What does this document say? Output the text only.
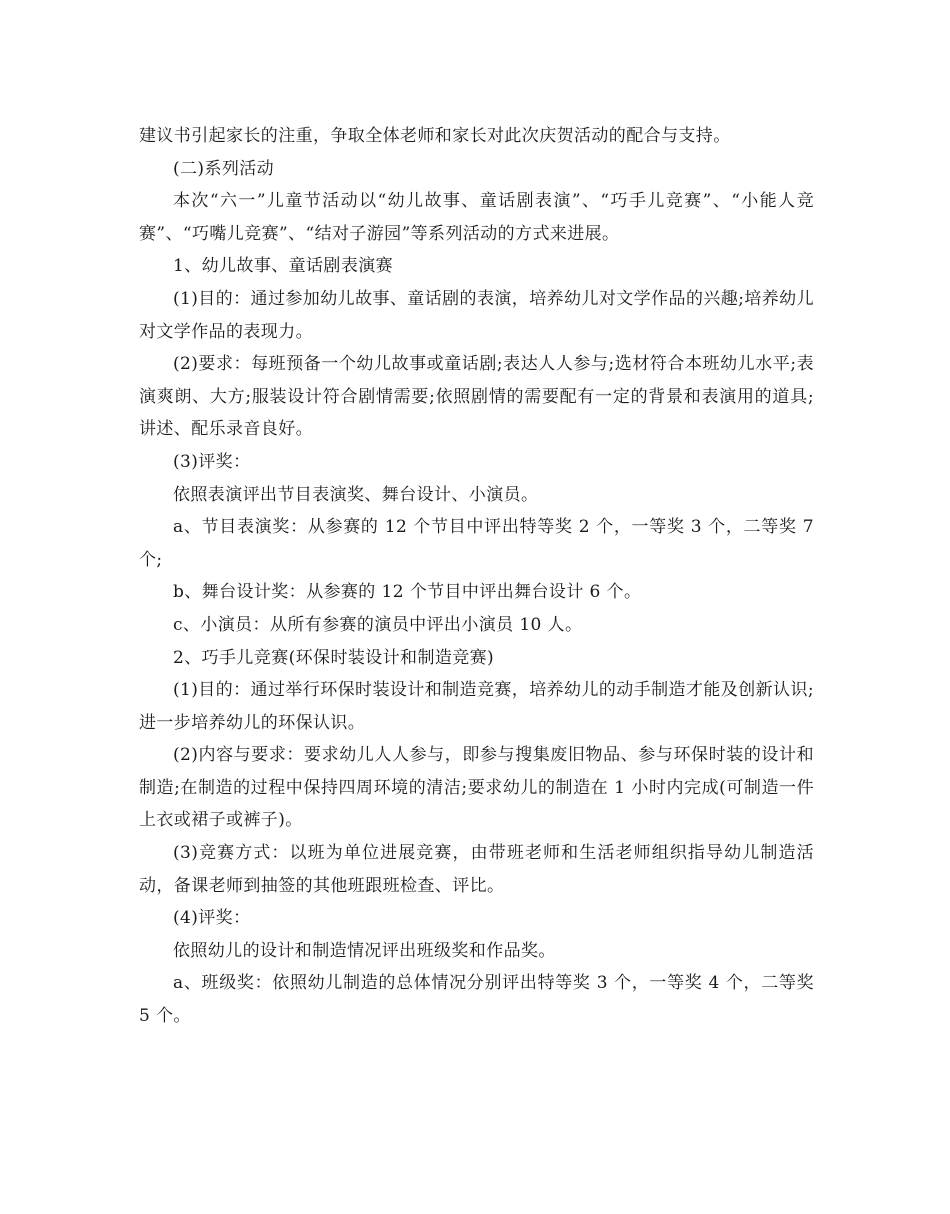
建议书引起家长的注重，争取全体老师和家长对此次庆贺活动的配合与支持。

(二)系列活动

本次“六一”儿童节活动以“幼儿故事、童话剧表演”、“巧手儿竞赛”、“小能人竞赛”、“巧嘴儿竞赛”、“结对子游园”等系列活动的方式来进展。

1、幼儿故事、童话剧表演赛

(1)目的：通过参加幼儿故事、童话剧的表演，培养幼儿对文学作品的兴趣;培养幼儿对文学作品的表现力。

(2)要求：每班预备一个幼儿故事或童话剧;表达人人参与;选材符合本班幼儿水平;表演爽朗、大方;服装设计符合剧情需要;依照剧情的需要配有一定的背景和表演用的道具;讲述、配乐录音良好。

(3)评奖：

依照表演评出节目表演奖、舞台设计、小演员。

a、节目表演奖：从参赛的 12 个节目中评出特等奖 2 个，一等奖 3 个，二等奖 7 个;

b、舞台设计奖：从参赛的 12 个节目中评出舞台设计 6 个。

c、小演员：从所有参赛的演员中评出小演员 10 人。

2、巧手儿竞赛(环保时装设计和制造竞赛)

(1)目的：通过举行环保时装设计和制造竞赛，培养幼儿的动手制造才能及创新认识;进一步培养幼儿的环保认识。

(2)内容与要求：要求幼儿人人参与，即参与搜集废旧物品、参与环保时装的设计和制造;在制造的过程中保持四周环境的清洁;要求幼儿的制造在 1 小时内完成(可制造一件上衣或裙子或裤子)。

(3)竞赛方式：以班为单位进展竞赛，由带班老师和生活老师组织指导幼儿制造活动，备课老师到抽签的其他班跟班检查、评比。

(4)评奖：

依照幼儿的设计和制造情况评出班级奖和作品奖。

a、班级奖：依照幼儿制造的总体情况分别评出特等奖 3 个，一等奖 4 个，二等奖 5 个。
